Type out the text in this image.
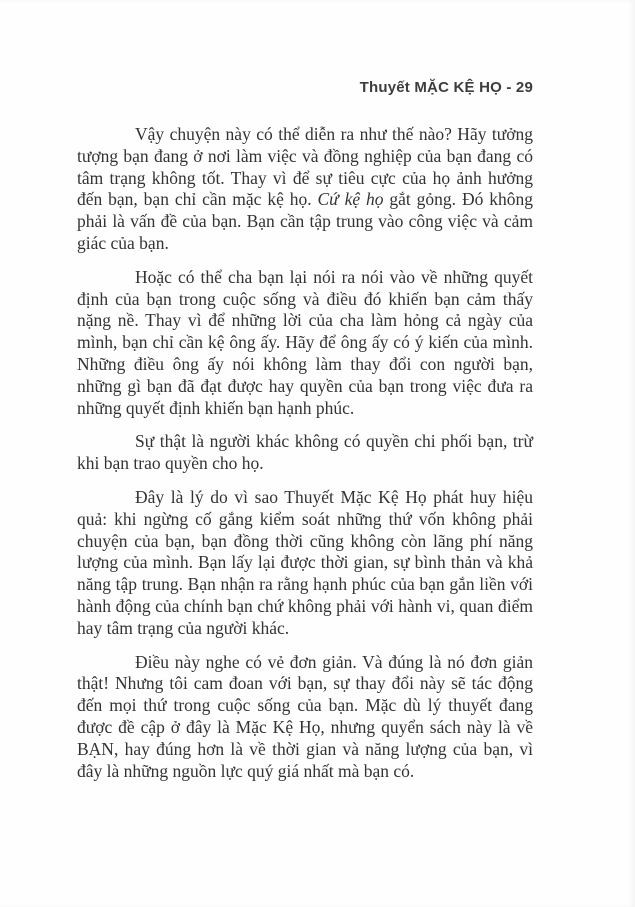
Thuyết MẶC KỆ HỌ - 29

Vậy chuyện này có thể diễn ra như thế nào? Hãy tưởng tượng bạn đang ở nơi làm việc và đồng nghiệp của bạn đang có tâm trạng không tốt. Thay vì để sự tiêu cực của họ ảnh hưởng đến bạn, bạn chỉ cần mặc kệ họ. Cứ kệ họ gắt gỏng. Đó không phải là vấn đề của bạn. Bạn cần tập trung vào công việc và cảm giác của bạn.

Hoặc có thể cha bạn lại nói ra nói vào về những quyết định của bạn trong cuộc sống và điều đó khiến bạn cảm thấy nặng nề. Thay vì để những lời của cha làm hỏng cả ngày của mình, bạn chỉ cần kệ ông ấy. Hãy để ông ấy có ý kiến của mình. Những điều ông ấy nói không làm thay đổi con người bạn, những gì bạn đã đạt được hay quyền của bạn trong việc đưa ra những quyết định khiến bạn hạnh phúc.

Sự thật là người khác không có quyền chi phối bạn, trừ khi bạn trao quyền cho họ.

Đây là lý do vì sao Thuyết Mặc Kệ Họ phát huy hiệu quả: khi ngừng cố gắng kiểm soát những thứ vốn không phải chuyện của bạn, bạn đồng thời cũng không còn lãng phí năng lượng của mình. Bạn lấy lại được thời gian, sự bình thản và khả năng tập trung. Bạn nhận ra rằng hạnh phúc của bạn gắn liền với hành động của chính bạn chứ không phải với hành vi, quan điểm hay tâm trạng của người khác.

Điều này nghe có vẻ đơn giản. Và đúng là nó đơn giản thật! Nhưng tôi cam đoan với bạn, sự thay đổi này sẽ tác động đến mọi thứ trong cuộc sống của bạn. Mặc dù lý thuyết đang được đề cập ở đây là Mặc Kệ Họ, nhưng quyển sách này là về BẠN, hay đúng hơn là về thời gian và năng lượng của bạn, vì đây là những nguồn lực quý giá nhất mà bạn có.
